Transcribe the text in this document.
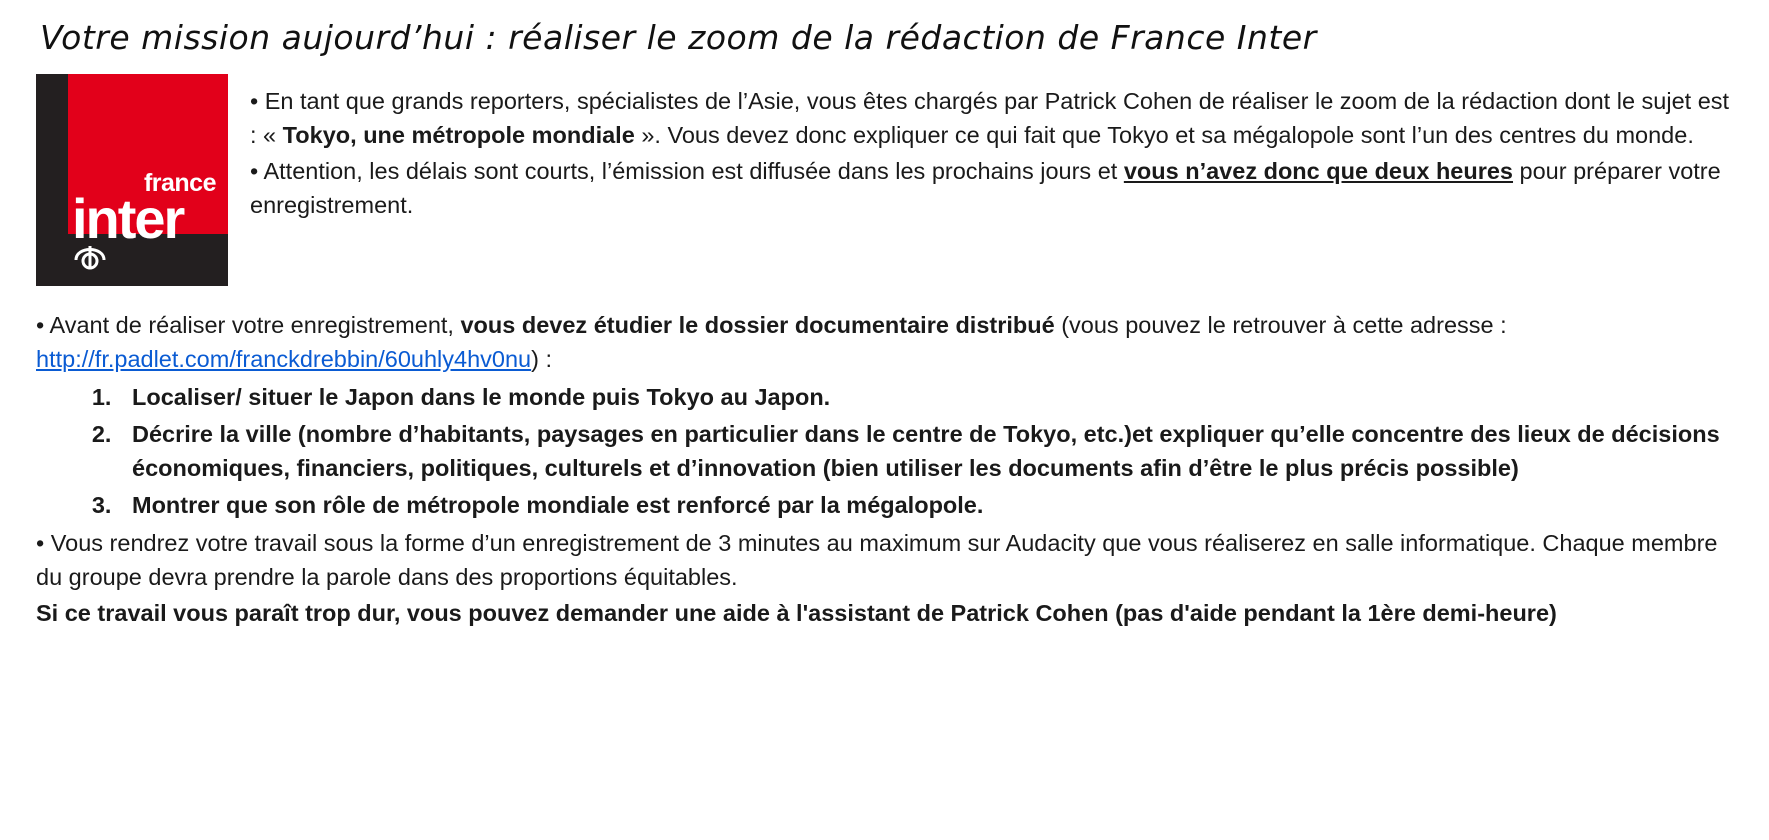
Votre mission aujourd’hui : réaliser le zoom de la rédaction de France Inter
france
inter

• En tant que grands reporters, spécialistes de l’Asie, vous êtes chargés par Patrick Cohen de réaliser le zoom de la rédaction dont le sujet est : « Tokyo, une métropole mondiale ». Vous devez donc expliquer ce qui fait que Tokyo et sa mégalopole sont l’un des centres du monde.

• Attention, les délais sont courts, l’émission est diffusée dans les prochains jours et vous n’avez donc que deux heures pour préparer votre enregistrement.

• Avant de réaliser votre enregistrement, vous devez étudier le dossier documentaire distribué (vous pouvez le retrouver à cette adresse : http://fr.padlet.com/franckdrebbin/60uhly4hv0nu) :

1. Localiser/ situer le Japon dans le monde puis Tokyo au Japon.
2. Décrire la ville (nombre d’habitants, paysages en particulier dans le centre de Tokyo, etc.)et expliquer qu’elle concentre des lieux de décisions économiques, financiers, politiques, culturels et d’innovation (bien utiliser les documents afin d’être le plus précis possible)
3. Montrer que son rôle de métropole mondiale est renforcé par la mégalopole.

• Vous rendrez votre travail sous la forme d’un enregistrement de 3 minutes au maximum sur Audacity que vous réaliserez en salle informatique. Chaque membre du groupe devra prendre la parole dans des proportions équitables.

Si ce travail vous paraît trop dur, vous pouvez demander une aide à l'assistant de Patrick Cohen (pas d'aide pendant la 1ère demi-heure)
